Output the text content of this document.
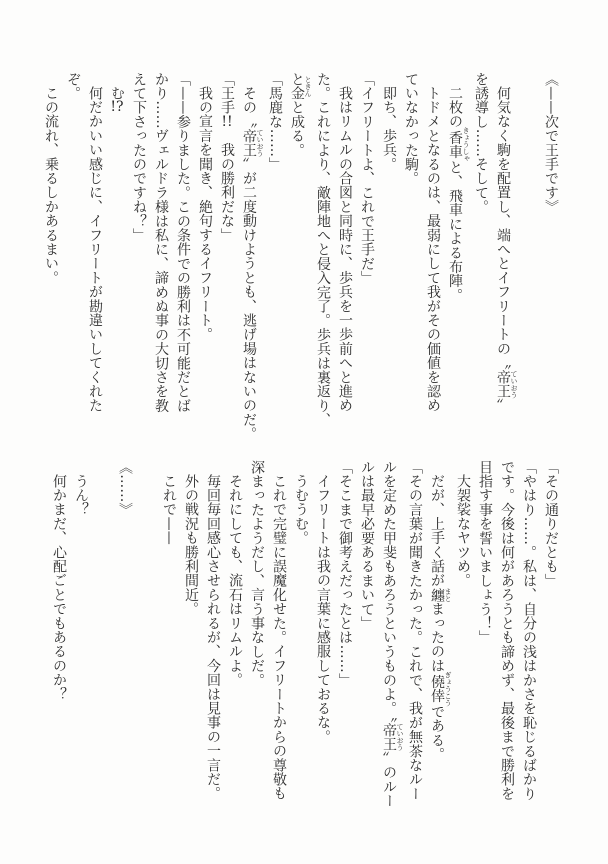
《——次で王手です》

何気なく駒を配置し、端へとイフリートの〝帝王 ていおう〟

を誘導し……そして。

二枚の香車 きょうしゃと、飛車による布陣。

トドメとなるのは、最弱にして我がその価値を認め

ていなかった駒。

即ち、歩兵。

「イフリートよ、これで王手だ」

我はリムルの合図と同時に、歩兵を一歩前へと進め

た。これにより、敵陣地へと侵入完了。歩兵は裏返り、

と金 ときんと成る。

「馬鹿な……」

その〝帝王 ていおう〟が二度動けようとも、逃げ場はないのだ。

「王手!!　我の勝利だな」

我の宣言を聞き、絶句するイフリート。

「——参りました。この条件での勝利は不可能だとば

かり……ヴェルドラ様は私に、諦めぬ事の大切さを教

えて下さったのですね？」

む!?

何だかいい感じに、イフリートが勘違いしてくれた

ぞ。

この流れ、乗るしかあるまい。

「その通りだとも」

「やはり……。私は、自分の浅はかさを恥じるばかり

です。今後は何があろうとも諦めず、最後まで勝利を

目指す事を誓いましょう！」

大袈裟なヤツめ。

だが、上手く話が纏 まとまったのは僥倖 ぎょうこうである。

「その言葉が聞きたかった。これで、我が無茶なルー

ルを定めた甲斐もあろうというものよ。〝帝王 ていおう〟のルー

ルは最早必要あるまいて」

「そこまで御考えだったとは……」

イフリートは我の言葉に感服しておるな。

うむうむ。

これで完璧に誤魔化せた。イフリートからの尊敬も

深まったようだし、言う事なしだ。

それにしても、流石はリムルよ。

毎回毎回感心させられるが、今回は見事の一言だ。

外の戦況も勝利間近。

これで——

《……》

うん？

何かまだ、心配ごとでもあるのか？
